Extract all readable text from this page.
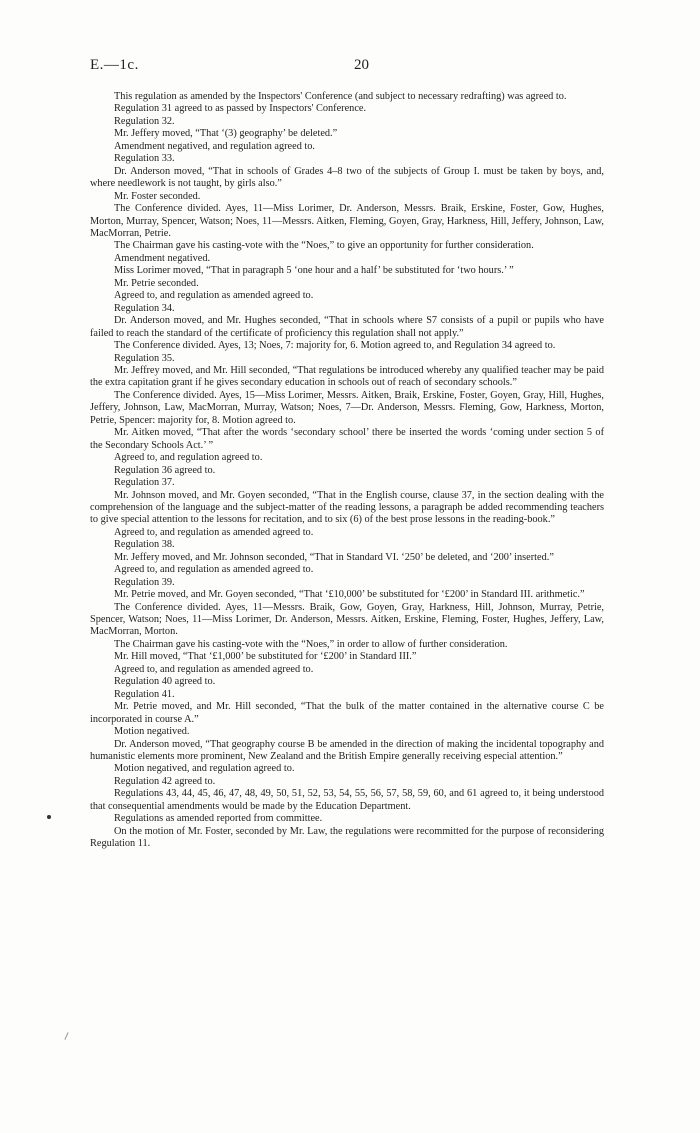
E.—1c.	20

This regulation as amended by the Inspectors' Conference (and subject to necessary redrafting) was agreed to.

Regulation 31 agreed to as passed by Inspectors' Conference.

Regulation 32.

Mr. Jeffery moved, “That ‘(3) geography’ be deleted.”

Amendment negatived, and regulation agreed to.

Regulation 33.

Dr. Anderson moved, “That in schools of Grades 4–8 two of the subjects of Group I. must be taken by boys, and, where needlework is not taught, by girls also.”

Mr. Foster seconded.

The Conference divided. Ayes, 11—Miss Lorimer, Dr. Anderson, Messrs. Braik, Erskine, Foster, Gow, Hughes, Morton, Murray, Spencer, Watson; Noes, 11—Messrs. Aitken, Fleming, Goyen, Gray, Harkness, Hill, Jeffery, Johnson, Law, MacMorran, Petrie.

The Chairman gave his casting-vote with the “Noes,” to give an opportunity for further consideration.

Amendment negatived.

Miss Lorimer moved, “That in paragraph 5 ‘one hour and a half’ be substituted for ‘two hours.’ ”

Mr. Petrie seconded.

Agreed to, and regulation as amended agreed to.

Regulation 34.

Dr. Anderson moved, and Mr. Hughes seconded, “That in schools where S7 consists of a pupil or pupils who have failed to reach the standard of the certificate of proficiency this regulation shall not apply.”

The Conference divided. Ayes, 13; Noes, 7: majority for, 6. Motion agreed to, and Regulation 34 agreed to.

Regulation 35.

Mr. Jeffrey moved, and Mr. Hill seconded, “That regulations be introduced whereby any qualified teacher may be paid the extra capitation grant if he gives secondary education in schools out of reach of secondary schools.”

The Conference divided. Ayes, 15—Miss Lorimer, Messrs. Aitken, Braik, Erskine, Foster, Goyen, Gray, Hill, Hughes, Jeffery, Johnson, Law, MacMorran, Murray, Watson; Noes, 7—Dr. Anderson, Messrs. Fleming, Gow, Harkness, Morton, Petrie, Spencer: majority for, 8. Motion agreed to.

Mr. Aitken moved, “That after the words ‘secondary school’ there be inserted the words ‘coming under section 5 of the Secondary Schools Act.’ ”

Agreed to, and regulation agreed to.

Regulation 36 agreed to.

Regulation 37.

Mr. Johnson moved, and Mr. Goyen seconded, “That in the English course, clause 37, in the section dealing with the comprehension of the language and the subject-matter of the reading lessons, a paragraph be added recommending teachers to give special attention to the lessons for recitation, and to six (6) of the best prose lessons in the reading-book.”

Agreed to, and regulation as amended agreed to.

Regulation 38.

Mr. Jeffery moved, and Mr. Johnson seconded, “That in Standard VI. ‘250’ be deleted, and ‘200’ inserted.”

Agreed to, and regulation as amended agreed to.

Regulation 39.

Mr. Petrie moved, and Mr. Goyen seconded, “That ‘£10,000’ be substituted for ‘£200’ in Standard III. arithmetic.”

The Conference divided. Ayes, 11—Messrs. Braik, Gow, Goyen, Gray, Harkness, Hill, Johnson, Murray, Petrie, Spencer, Watson; Noes, 11—Miss Lorimer, Dr. Anderson, Messrs. Aitken, Erskine, Fleming, Foster, Hughes, Jeffery, Law, MacMorran, Morton.

The Chairman gave his casting-vote with the “Noes,” in order to allow of further consideration.

Mr. Hill moved, “That ‘£1,000’ be substituted for ‘£200’ in Standard III.”

Agreed to, and regulation as amended agreed to.

Regulation 40 agreed to.

Regulation 41.

Mr. Petrie moved, and Mr. Hill seconded, “That the bulk of the matter contained in the alternative course C be incorporated in course A.”

Motion negatived.

Dr. Anderson moved, “That geography course B be amended in the direction of making the incidental topography and humanistic elements more prominent, New Zealand and the British Empire generally receiving especial attention.”

Motion negatived, and regulation agreed to.

Regulation 42 agreed to.

Regulations 43, 44, 45, 46, 47, 48, 49, 50, 51, 52, 53, 54, 55, 56, 57, 58, 59, 60, and 61 agreed to, it being understood that consequential amendments would be made by the Education Department.

Regulations as amended reported from committee.

On the motion of Mr. Foster, seconded by Mr. Law, the regulations were recommitted for the purpose of reconsidering Regulation 11.
